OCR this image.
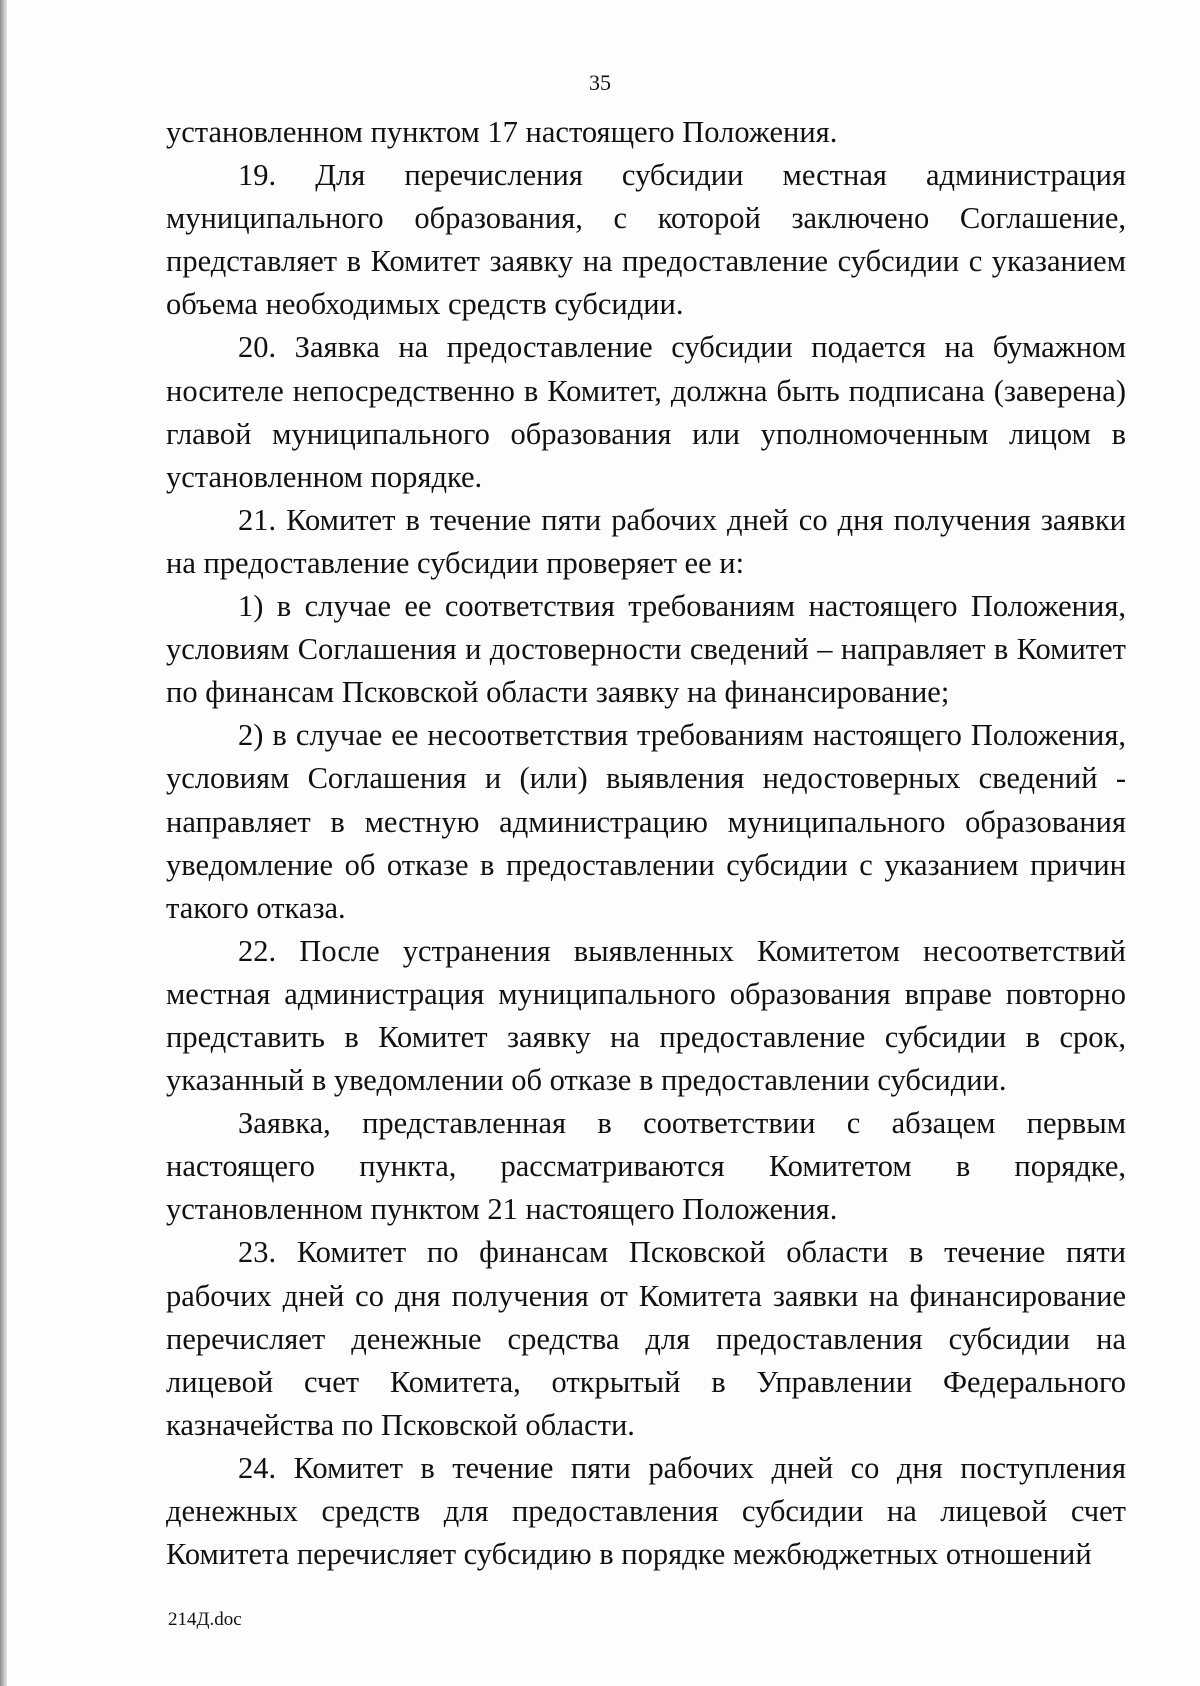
35

установленном пунктом 17 настоящего Положения.

19. Для перечисления субсидии местная администрация муниципального образования, с которой заключено Соглашение, представляет в Комитет заявку на предоставление субсидии с указанием объема необходимых средств субсидии.

20. Заявка на предоставление субсидии подается на бумажном носителе непосредственно в Комитет, должна быть подписана (заверена) главой муниципального образования или уполномоченным лицом в установленном порядке.

21. Комитет в течение пяти рабочих дней со дня получения заявки на предоставление субсидии проверяет ее и:

1) в случае ее соответствия требованиям настоящего Положения, условиям Соглашения и достоверности сведений – направляет в Комитет по финансам Псковской области заявку на финансирование;

2) в случае ее несоответствия требованиям настоящего Положения, условиям Соглашения и (или) выявления недостоверных сведений - направляет в местную администрацию муниципального образования уведомление об отказе в предоставлении субсидии с указанием причин такого отказа.

22. После устранения выявленных Комитетом несоответствий местная администрация муниципального образования вправе повторно представить в Комитет заявку на предоставление субсидии в срок, указанный в уведомлении об отказе в предоставлении субсидии.

Заявка, представленная в соответствии с абзацем первым настоящего пункта, рассматриваются Комитетом в порядке, установленном пунктом 21 настоящего Положения.

23. Комитет по финансам Псковской области в течение пяти рабочих дней со дня получения от Комитета заявки на финансирование перечисляет денежные средства для предоставления субсидии на лицевой счет Комитета, открытый в Управлении Федерального казначейства по Псковской области.

24. Комитет в течение пяти рабочих дней со дня поступления денежных средств для предоставления субсидии на лицевой счет Комитета перечисляет субсидию в порядке межбюджетных отношений

214Д.doc
